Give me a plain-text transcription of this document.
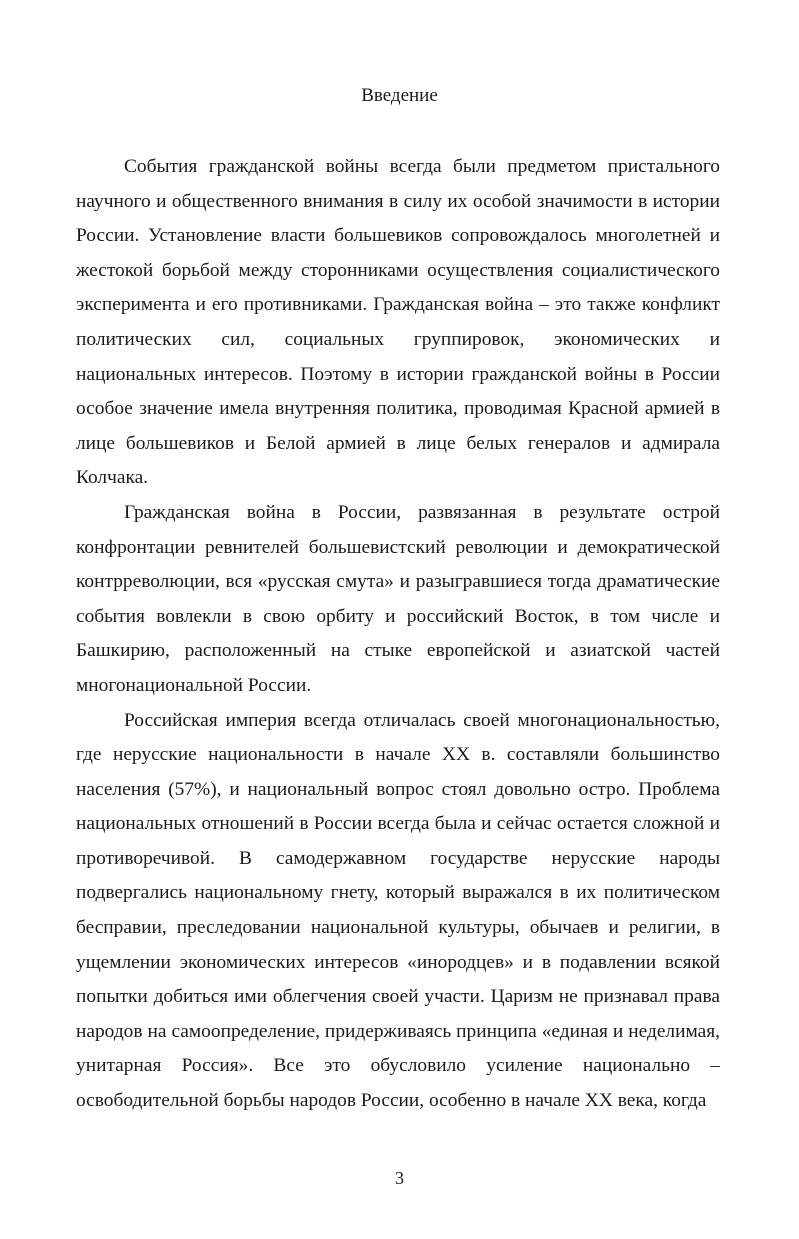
Введение

События гражданской войны всегда были предметом пристального научного и общественного внимания в силу их особой значимости в истории России. Установление власти большевиков сопровождалось многолетней и жестокой борьбой между сторонниками осуществления социалистического эксперимента и его противниками. Гражданская война – это также конфликт политических сил, социальных группировок, экономических и национальных интересов. Поэтому в истории гражданской войны в России особое значение имела внутренняя политика, проводимая Красной армией в лице большевиков и Белой армией в лице белых генералов и адмирала Колчака.

Гражданская война в России, развязанная в результате острой конфронтации ревнителей большевистский революции и демократической контрреволюции, вся «русская смута» и разыгравшиеся тогда драматические события вовлекли в свою орбиту и российский Восток, в том числе и Башкирию, расположенный на стыке европейской и азиатской частей многонациональной России.

Российская империя всегда отличалась своей многонациональностью, где нерусские национальности в начале XX в. составляли большинство населения (57%), и национальный вопрос стоял довольно остро. Проблема национальных отношений в России всегда была и сейчас остается сложной и противоречивой. В самодержавном государстве нерусские народы подвергались национальному гнету, который выражался в их политическом бесправии, преследовании национальной культуры, обычаев и религии, в ущемлении экономических интересов «инородцев» и в подавлении всякой попытки добиться ими облегчения своей участи. Царизм не признавал права народов на самоопределение, придерживаясь принципа «единая и неделимая, унитарная Россия». Все это обусловило усиление национально – освободительной борьбы народов России, особенно в начале XX века, когда

3
